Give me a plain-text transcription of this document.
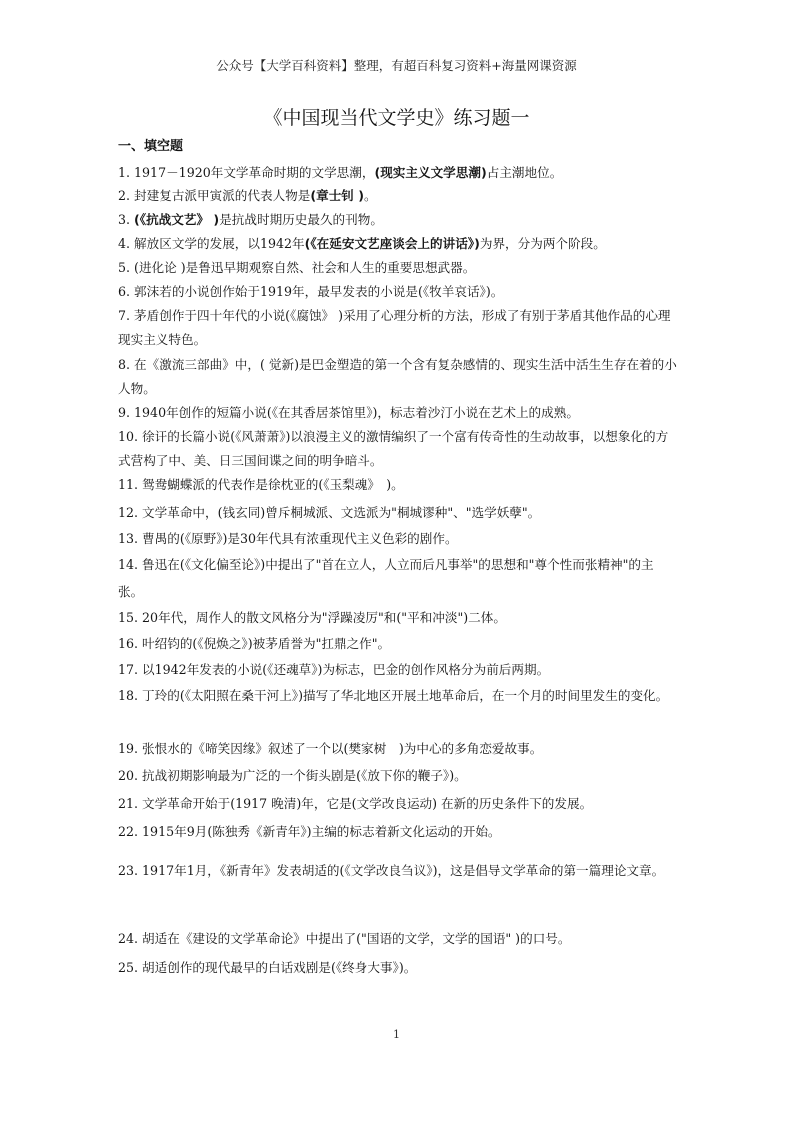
公众号【大学百科资料】整理，有超百科复习资料+海量网课资源
《中国现当代文学史》练习题一
一、填空题
1. 1917－1920年文学革命时期的文学思潮，(现实主义文学思潮)占主潮地位。
2. 封建复古派甲寅派的代表人物是(章士钊 )。
3. (《抗战文艺》 )是抗战时期历史最久的刊物。
4. 解放区文学的发展，以1942年(《在延安文艺座谈会上的讲话》)为界，分为两个阶段。
5. (进化论 )是鲁迅早期观察自然、社会和人生的重要思想武器。
6. 郭沫若的小说创作始于1919年，最早发表的小说是(《牧羊哀话》)。
7. 茅盾创作于四十年代的小说(《腐蚀》 )采用了心理分析的方法，形成了有别于茅盾其他作品的心理现实主义特色。
8. 在《激流三部曲》中，( 觉新)是巴金塑造的第一个含有复杂感情的、现实生活中活生生存在着的小人物。
9. 1940年创作的短篇小说(《在其香居茶馆里》)，标志着沙汀小说在艺术上的成熟。
10. 徐讦的长篇小说(《风萧萧》)以浪漫主义的激情编织了一个富有传奇性的生动故事，以想象化的方式营构了中、美、日三国间谍之间的明争暗斗。
11. 鸳鸯蝴蝶派的代表作是徐枕亚的(《玉梨魂》　)。
12. 文学革命中，(钱玄同)曾斥桐城派、文选派为"桐城谬种"、"选学妖孽"。
13. 曹禺的(《原野》)是30年代具有浓重现代主义色彩的剧作。
14. 鲁迅在(《文化偏至论》)中提出了"首在立人，人立而后凡事举"的思想和"尊个性而张精神"的主张。
15. 20年代，周作人的散文风格分为"浮躁凌厉"和("平和冲淡")二体。
16. 叶绍钧的(《倪焕之》)被茅盾誉为"扛鼎之作"。
17. 以1942年发表的小说(《还魂草》)为标志，巴金的创作风格分为前后两期。
18. 丁玲的(《太阳照在桑干河上》)描写了华北地区开展土地革命后，在一个月的时间里发生的变化。
19. 张恨水的《啼笑因缘》叙述了一个以(樊家树　)为中心的多角恋爱故事。
20. 抗战初期影响最为广泛的一个街头剧是(《放下你的鞭子》)。
21. 文学革命开始于(1917 晚清)年，它是(文学改良运动) 在新的历史条件下的发展。
22. 1915年9月(陈独秀《新青年》)主编的标志着新文化运动的开始。
23. 1917年1月，《新青年》发表胡适的(《文学改良刍议》)，这是倡导文学革命的第一篇理论文章。
24. 胡适在《建设的文学革命论》中提出了("国语的文学，文学的国语" )的口号。
25. 胡适创作的现代最早的白话戏剧是(《终身大事》)。
1
